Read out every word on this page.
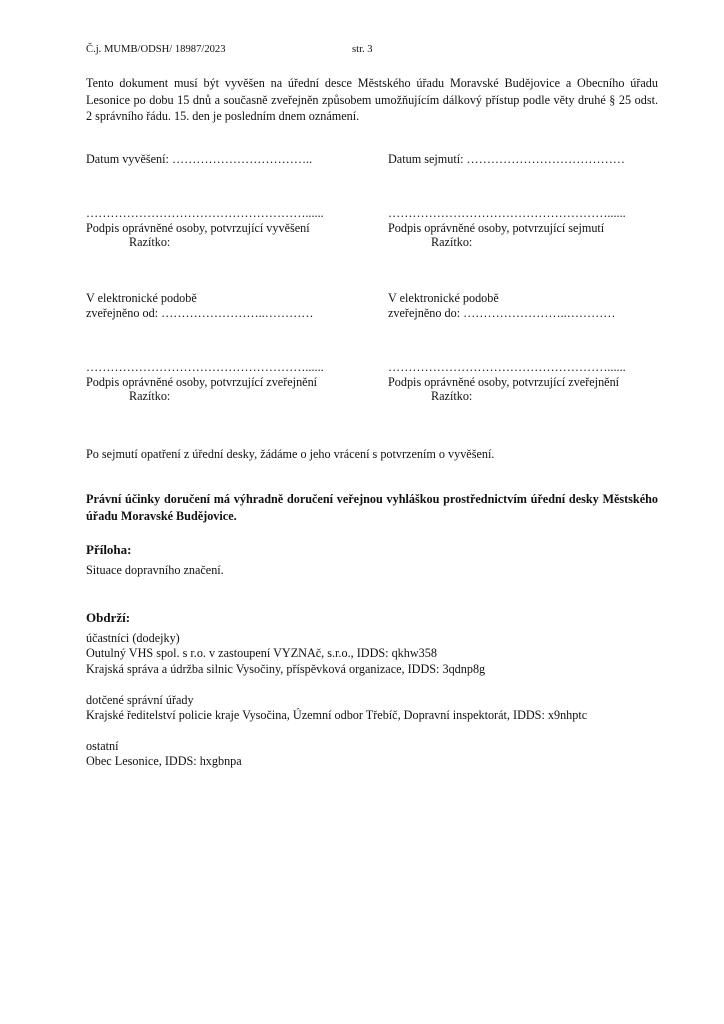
Č.j. MUMB/ODSH/ 18987/2023	str. 3
Tento dokument musí být vyvěšen na úřední desce Městského úřadu Moravské Budějovice a Obecního úřadu Lesonice po dobu 15 dnů a současně zveřejněn způsobem umožňujícím dálkový přístup podle věty druhé § 25 odst. 2 správního řádu. 15. den je posledním dnem oznámení.
Datum vyvěšení: ……………………………..	Datum sejmutí: …………………………………
………………………………………………......
Podpis oprávněné osoby, potvrzující vyvěšení
Razítko:
………………………………………………......
Podpis oprávněné osoby, potvrzující sejmutí
Razítko:
V elektronické podobě
zveřejněno od: ……………………..…………
V elektronické podobě
zveřejněno do: ……………………..…………
………………………………………………......
Podpis oprávněné osoby, potvrzující zveřejnění
Razítko:
………………………………………………......
Podpis oprávněné osoby, potvrzující zveřejnění
Razítko:
Po sejmutí opatření z úřední desky, žádáme o jeho vrácení s potvrzením o vyvěšení.
Právní účinky doručení má výhradně doručení veřejnou vyhláškou prostřednictvím úřední desky Městského úřadu Moravské Budějovice.
Příloha:
Situace dopravního značení.
Obdrží:
účastníci (dodejky)
Outulný VHS spol. s r.o. v zastoupení VYZNAč, s.r.o., IDDS: qkhw358
Krajská správa a údržba silnic Vysočiny, příspěvková organizace, IDDS: 3qdnp8g
dotčené správní úřady
Krajské ředitelství policie kraje Vysočina, Územní odbor Třebíč, Dopravní inspektorát, IDDS: x9nhptc
ostatní
Obec Lesonice, IDDS: hxgbnpa
